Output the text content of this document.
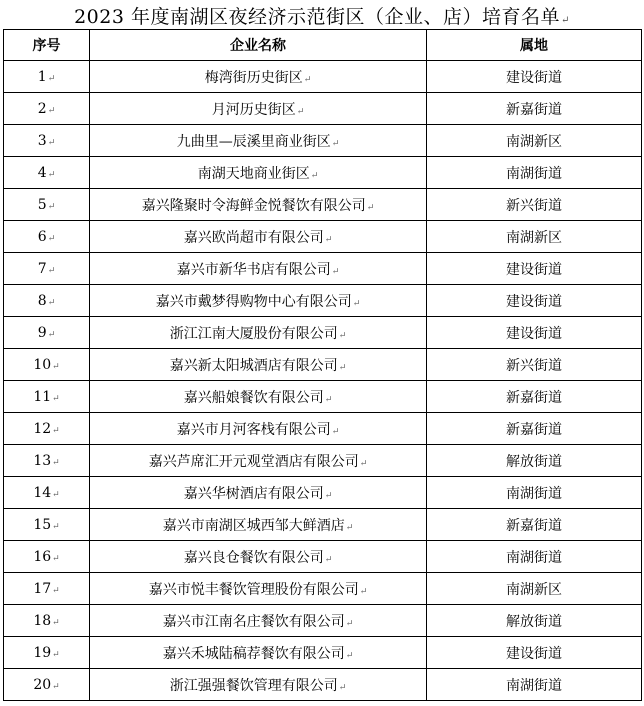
2023 年度南湖区夜经济示范街区（企业、店）培育名单↵
序号	企业名称	属地
1↵	梅湾街历史街区↵	建设街道
2↵	月河历史街区↵	新嘉街道
3↵	九曲里—辰溪里商业街区↵	南湖新区
4↵	南湖天地商业街区↵	南湖街道
5↵	嘉兴隆聚时令海鲜金悦餐饮有限公司↵	新兴街道
6↵	嘉兴欧尚超市有限公司↵	南湖新区
7↵	嘉兴市新华书店有限公司↵	建设街道
8↵	嘉兴市戴梦得购物中心有限公司↵	建设街道
9↵	浙江江南大厦股份有限公司↵	建设街道
10↵	嘉兴新太阳城酒店有限公司↵	新兴街道
11↵	嘉兴船娘餐饮有限公司↵	新嘉街道
12↵	嘉兴市月河客栈有限公司↵	新嘉街道
13↵	嘉兴芦席汇开元观堂酒店有限公司↵	解放街道
14↵	嘉兴华树酒店有限公司↵	南湖街道
15↵	嘉兴市南湖区城西邹大鲜酒店↵	新嘉街道
16↵	嘉兴良仓餐饮有限公司↵	南湖街道
17↵	嘉兴市悦丰餐饮管理股份有限公司↵	南湖新区
18↵	嘉兴市江南名庄餐饮有限公司↵	解放街道
19↵	嘉兴禾城陆稿荐餐饮有限公司↵	建设街道
20↵	浙江强强餐饮管理有限公司↵	南湖街道
